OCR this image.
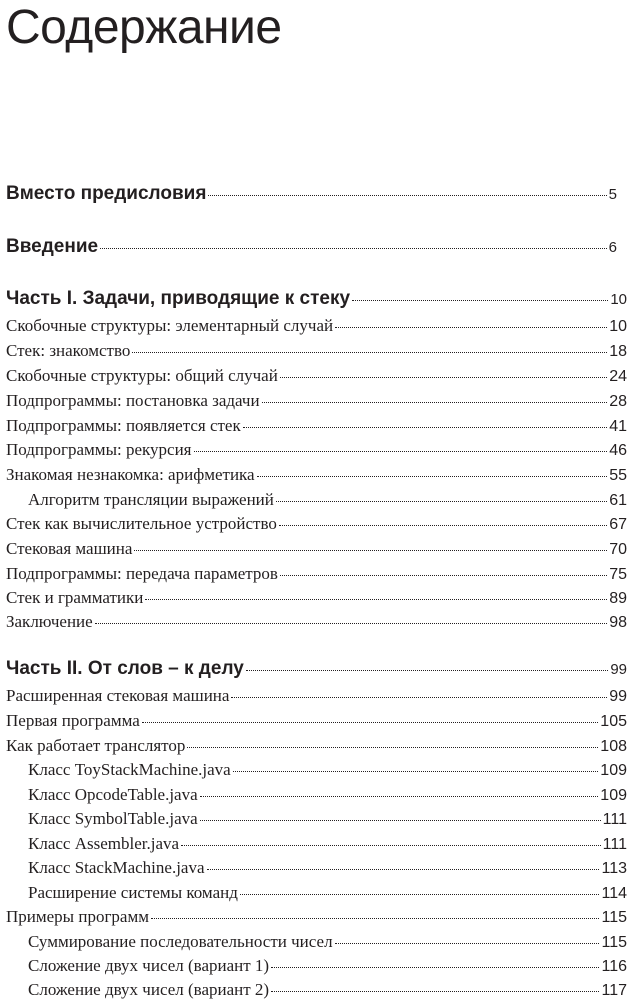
Содержание
Вместо предисловия	5
Введение	6
Часть I. Задачи, приводящие к стеку	10
Скобочные структуры: элементарный случай	10
Стек: знакомство	18
Скобочные структуры: общий случай	24
Подпрограммы: постановка задачи	28
Подпрограммы: появляется стек	41
Подпрограммы: рекурсия	46
Знакомая незнакомка: арифметика	55
Алгоритм трансляции выражений	61
Стек как вычислительное устройство	67
Стековая машина	70
Подпрограммы: передача параметров	75
Стек и грамматики	89
Заключение	98
Часть II. От слов – к делу	99
Расширенная стековая машина	99
Первая программа	105
Как работает транслятор	108
Класс ToyStackMachine.java	109
Класс OpcodeTable.java	109
Класс SymbolTable.java	111
Класс Assembler.java	111
Класс StackMachine.java	113
Расширение системы команд	114
Примеры программ	115
Суммирование последовательности чисел	115
Сложение двух чисел (вариант 1)	116
Сложение двух чисел (вариант 2)	117
